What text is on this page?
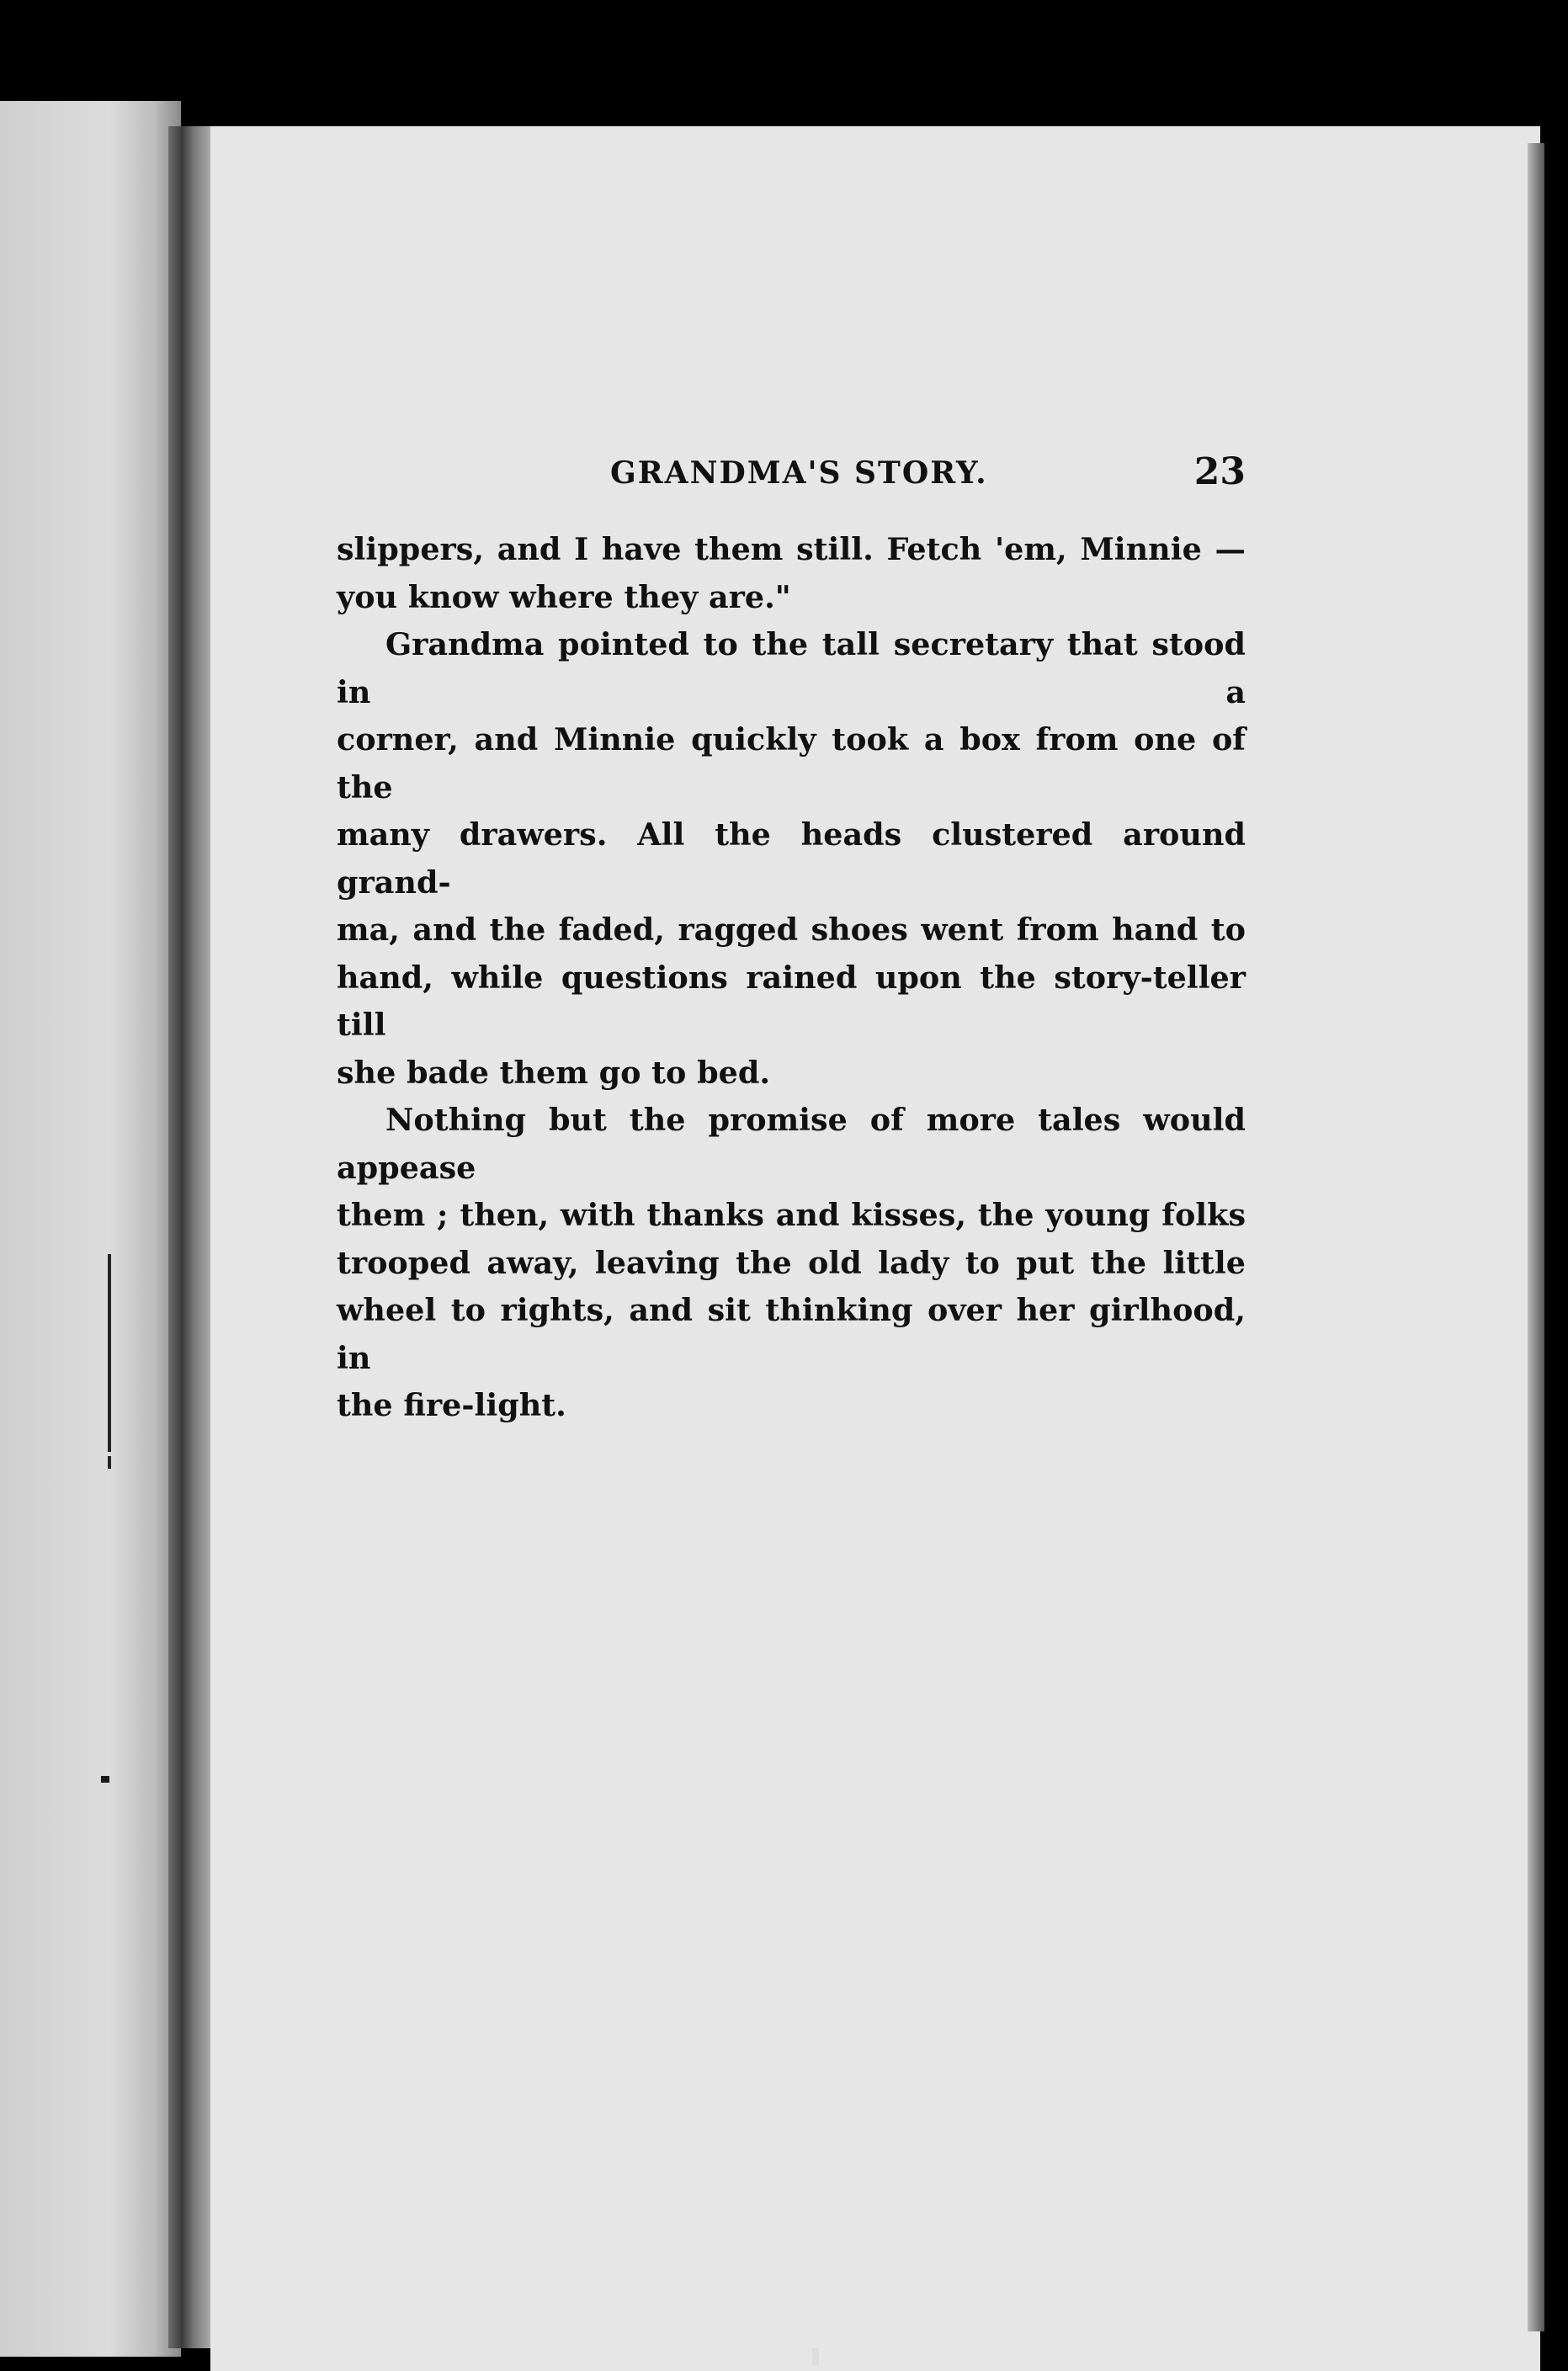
GRANDMA'S STORY.	23

slippers, and I have them still. Fetch 'em, Minnie —
you know where they are."

Grandma pointed to the tall secretary that stood in a
corner, and Minnie quickly took a box from one of the
many drawers. All the heads clustered around grand-
ma, and the faded, ragged shoes went from hand to
hand, while questions rained upon the story-teller till
she bade them go to bed.

Nothing but the promise of more tales would appease
them ; then, with thanks and kisses, the young folks
trooped away, leaving the old lady to put the little
wheel to rights, and sit thinking over her girlhood, in
the fire-light.
